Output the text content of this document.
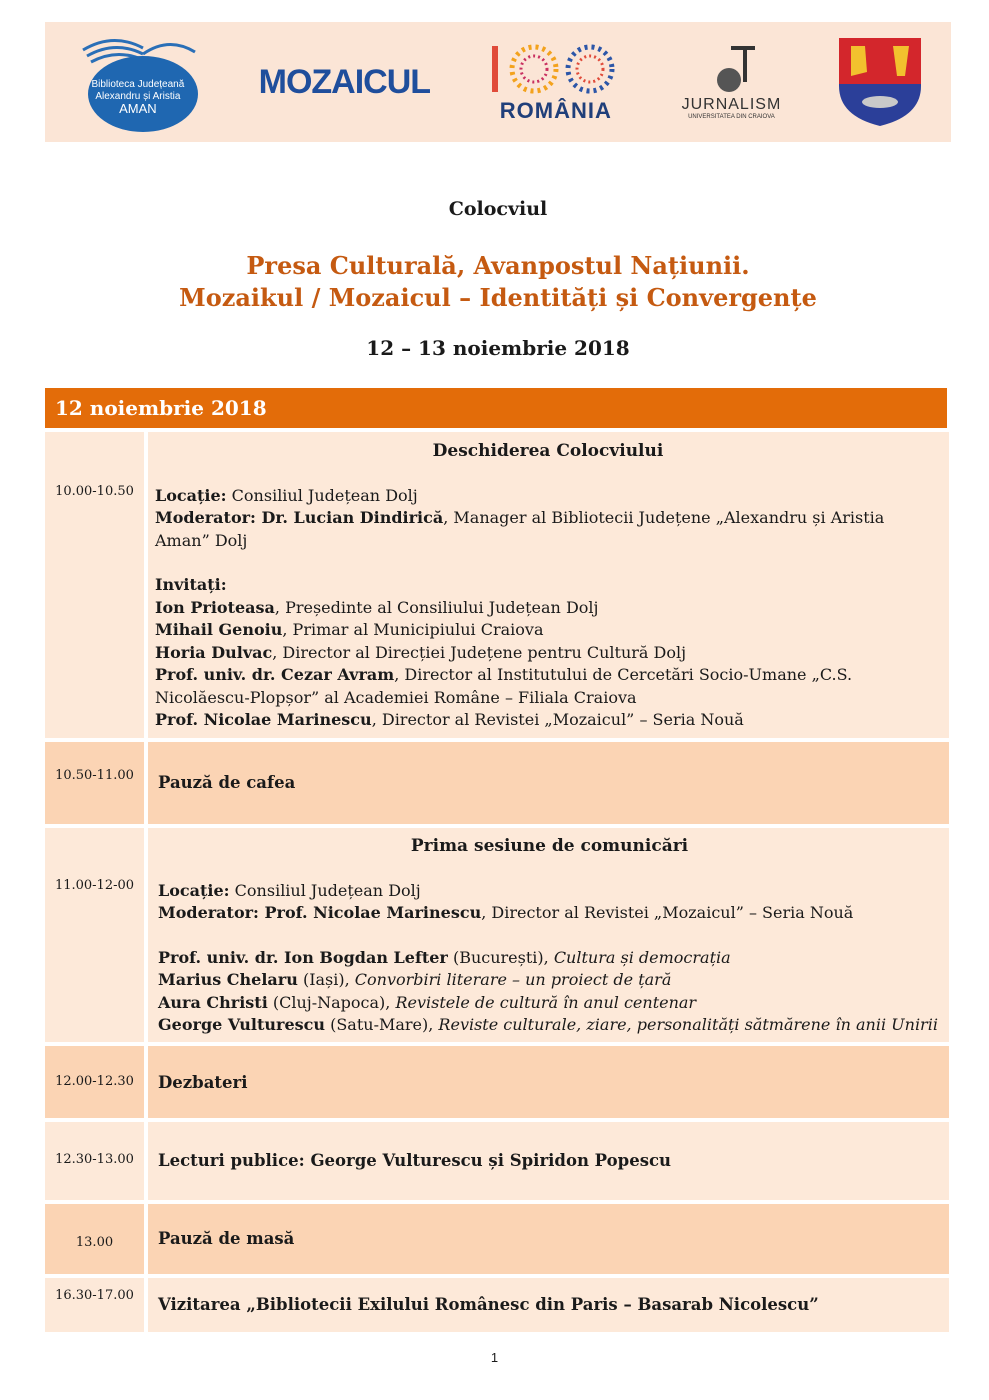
Biblioteca Județeană
Alexandru și Aristia
AMAN
MOZAICUL
ROMÂNIA	JURNALISM
UNIVERSITATEA DIN CRAIOVA

Colocviul

Presa Culturală, Avanpostul Națiunii.

Mozaikul / Mozaicul – Identități și Convergențe

12 – 13 noiembrie 2018

12 noiembrie 2018
10.00-10.50
Deschiderea Colocviului
Locație: Consiliul Județean Dolj
Moderator: Dr. Lucian Dindirică, Manager al Bibliotecii Județene „Alexandru și Aristia Aman” Dolj
Invitați:
Ion Prioteasa, Președinte al Consiliului Județean Dolj
Mihail Genoiu, Primar al Municipiului Craiova
Horia Dulvac, Director al Direcției Județene pentru Cultură Dolj
Prof. univ. dr. Cezar Avram, Director al Institutului de Cercetări Socio-Umane „C.S. Nicolăescu-Plopșor” al Academiei Române – Filiala Craiova
Prof. Nicolae Marinescu, Director al Revistei „Mozaicul” – Seria Nouă
10.50-11.00	Pauză de cafea
11.00-12-00
Prima sesiune de comunicări
Locație: Consiliul Județean Dolj
Moderator: Prof. Nicolae Marinescu, Director al Revistei „Mozaicul” – Seria Nouă
Prof. univ. dr. Ion Bogdan Lefter (București), Cultura și democrația
Marius Chelaru (Iași), Convorbiri literare – un proiect de țară
Aura Christi (Cluj-Napoca), Revistele de cultură în anul centenar
George Vulturescu (Satu-Mare), Reviste culturale, ziare, personalități sătmărene în anii Unirii
12.00-12.30	Dezbateri
12.30-13.00	Lecturi publice: George Vulturescu și Spiridon Popescu
13.00	Pauză de masă
16.30-17.00	Vizitarea „Bibliotecii Exilului Românesc din Paris – Basarab Nicolescu”
1
